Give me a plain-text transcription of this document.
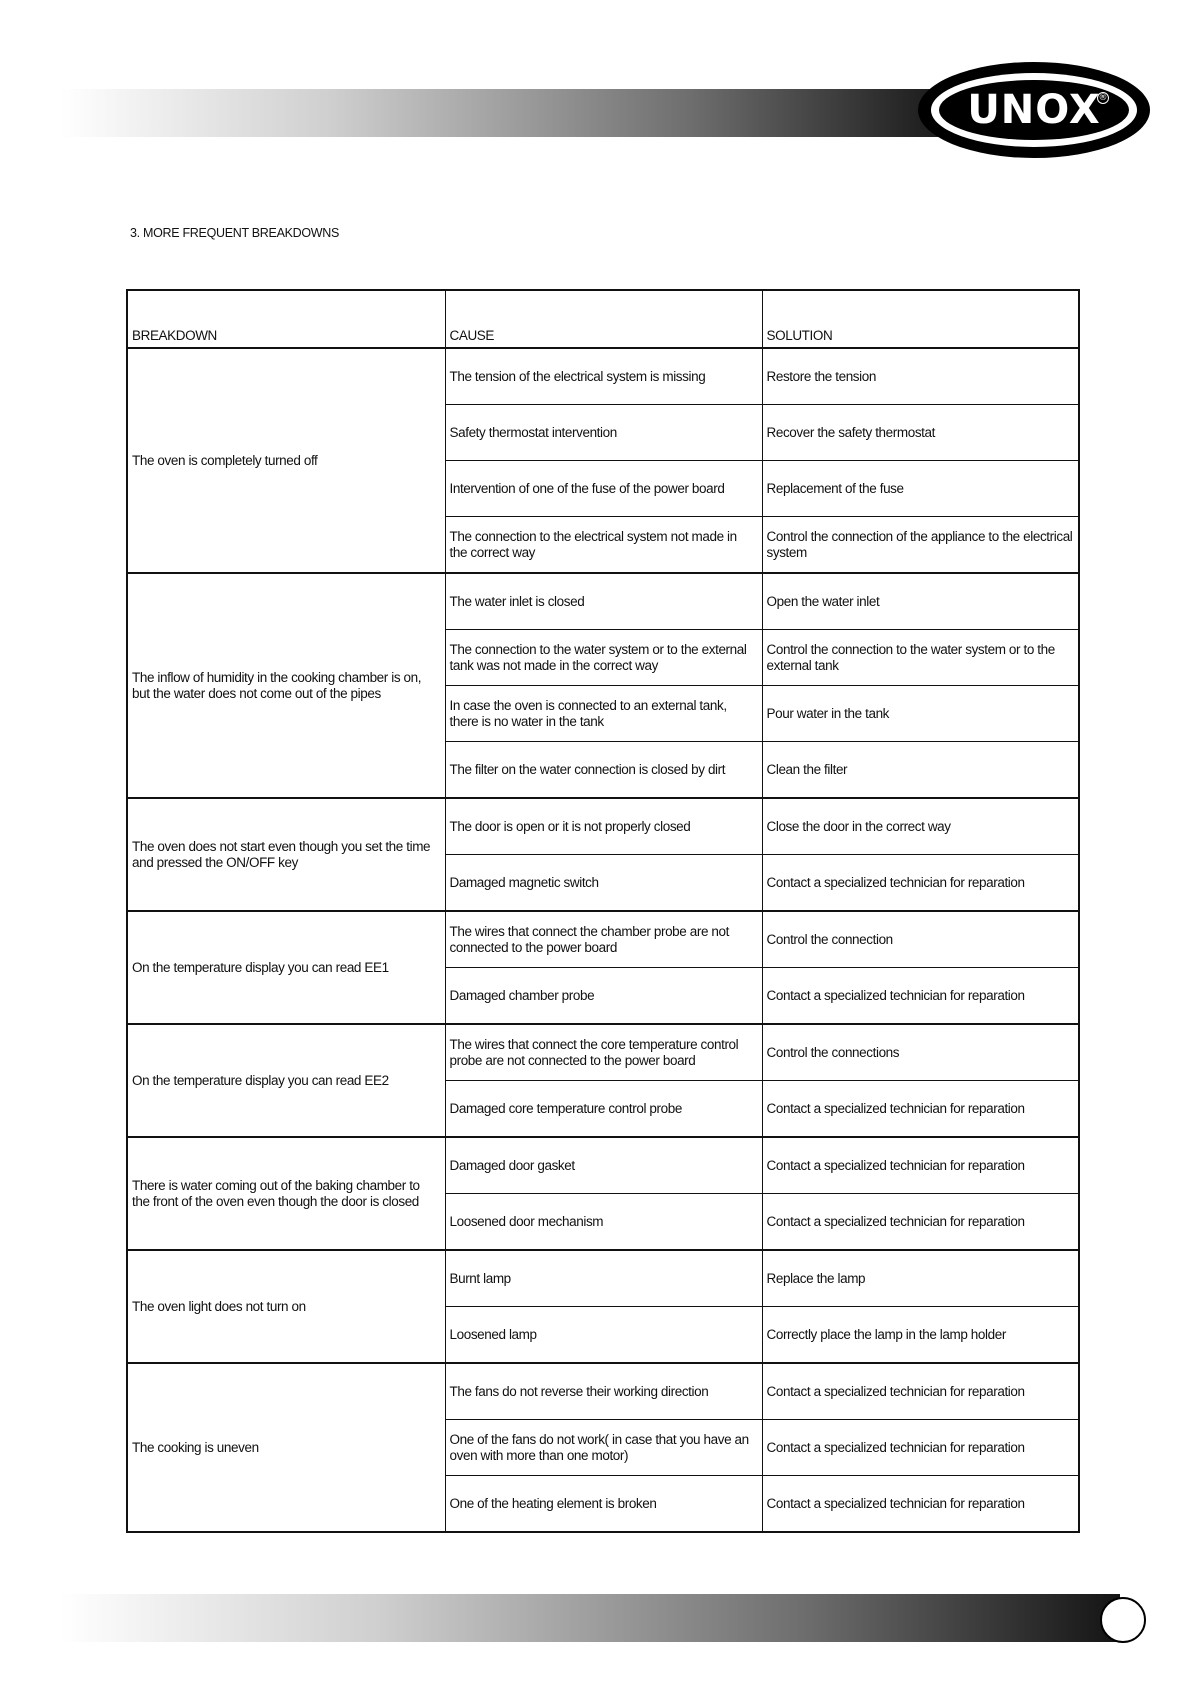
UNOX
®
3. MORE FREQUENT BREAKDOWNS
BREAKDOWN	CAUSE	SOLUTION
The oven is completely turned off	The tension of the electrical system is missing	Restore the tension
	Safety thermostat intervention	Recover the safety thermostat
	Intervention of one of the fuse of the power board	Replacement of the fuse
	The connection to the electrical system not made in the correct way	Control the connection of the appliance to the electrical system
The inflow of humidity in the cooking chamber is on, but the water does not come out of the pipes	The water inlet is closed	Open the water inlet
	The connection to the water system or to the external tank was not made in the correct way	Control the connection to the water system or to the external tank
	In case the oven is connected to an external tank, there is no water in the tank	Pour water in the tank
	The filter on the water connection is closed by dirt	Clean the filter
The oven does not start even though you set the time and pressed the ON/OFF key	The door is open or it is not properly closed	Close the door in the correct way
	Damaged magnetic switch	Contact a specialized technician for reparation
On the temperature display you can read EE1	The wires that connect the chamber probe are not connected to the power board	Control the connection
	Damaged chamber probe	Contact a specialized technician for reparation
On the temperature display you can read EE2	The wires that connect the core temperature control probe are not connected to the power board	Control the connections
	Damaged core temperature control probe	Contact a specialized technician for reparation
There is water coming out of the baking chamber to the front of the oven even though the door is closed	Damaged door gasket	Contact a specialized technician for reparation
	Loosened door mechanism	Contact a specialized technician for reparation
The oven light does not turn on	Burnt lamp	Replace the lamp
	Loosened lamp	Correctly place the lamp in the lamp holder
The cooking is uneven	The fans do not reverse their working direction	Contact a specialized technician for reparation
	One of the fans do not work( in case that you have an oven with more than one motor)	Contact a specialized technician for reparation
	One of the heating element is broken	Contact a specialized technician for reparation
